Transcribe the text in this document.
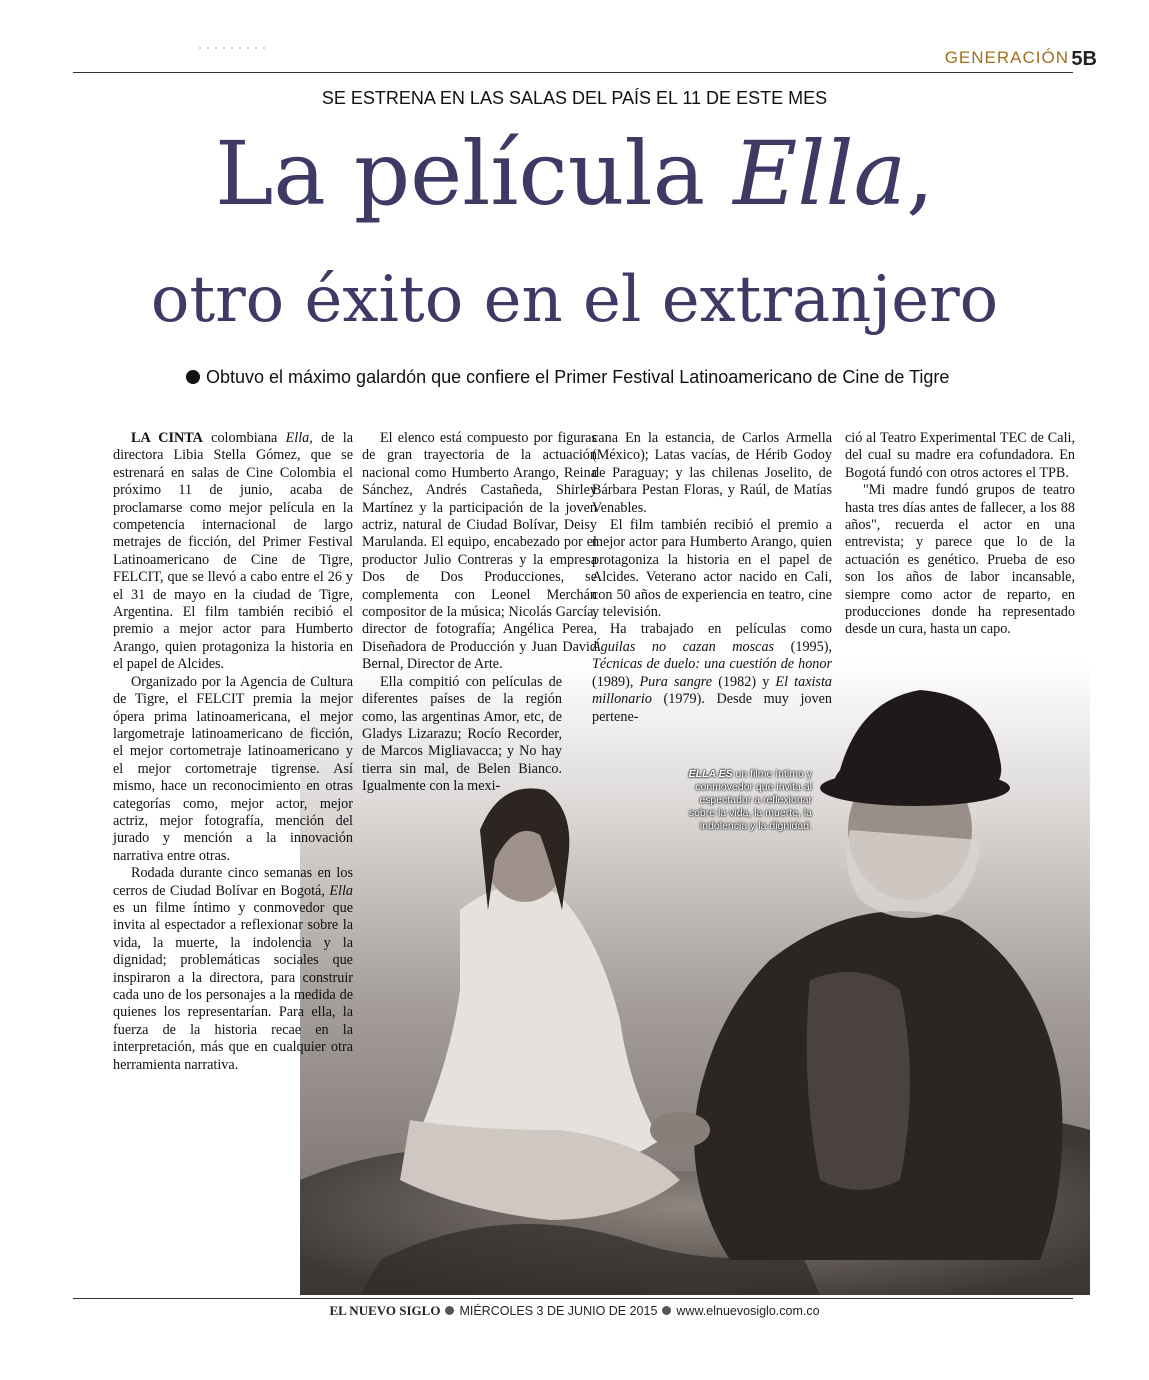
GENERACIÓN 5B
SE ESTRENA EN LAS SALAS DEL PAÍS EL 11 DE ESTE MES
La película Ella,
otro éxito en el extranjero
Obtuvo el máximo galardón que confiere el Primer Festival Latinoamericano de Cine de Tigre

LA CINTA colombiana Ella, de la directora Libia Stella Gómez, que se estrenará en salas de Cine Colombia el próximo 11 de junio, acaba de proclamarse como mejor película en la competencia internacional de largo metrajes de ficción, del Primer Festival Latinoamericano de Cine de Tigre, FELCIT, que se llevó a cabo entre el 26 y el 31 de mayo en la ciudad de Tigre, Argentina. El film también recibió el premio a mejor actor para Humberto Arango, quien protagoniza la historia en el papel de Alcides.

Organizado por la Agencia de Cultura de Tigre, el FELCIT premia la mejor ópera prima latinoamericana, el mejor largometraje latinoamericano de ficción, el mejor cortometraje latinoamericano y el mejor cortometraje tigrense. Así mismo, hace un reconocimiento en otras categorías como, mejor actor, mejor actriz, mejor fotografía, mención del jurado y mención a la innovación narrativa entre otras.

Rodada durante cinco semanas en los cerros de Ciudad Bolívar en Bogotá, Ella es un filme íntimo y conmovedor que invita al espectador a reflexionar sobre la vida, la muerte, la indolencia y la dignidad; problemáticas sociales que inspiraron a la directora, para construir cada uno de los personajes a la medida de quienes los representarían. Para ella, la fuerza de la historia recae en la interpretación, más que en cualquier otra herramienta narrativa.

El elenco está compuesto por figuras de gran trayectoria de la actuación nacional como Humberto Arango, Reina Sánchez, Andrés Castañeda, Shirley Martínez y la participación de la joven actriz, natural de Ciudad Bolívar, Deisy Marulanda. El equipo, encabezado por el productor Julio Contreras y la empresa Dos de Dos Producciones, se complementa con Leonel Merchán compositor de la música; Nicolás García, director de fotografía; Angélica Perea, Diseñadora de Producción y Juan David Bernal, Director de Arte.

Ella compitió con películas de diferentes países de la región como, las argentinas Amor, etc, de Gladys Lizarazu; Rocío Recorder, de Marcos Migliavacca; y No hay tierra sin mal, de Belen Bianco. Igualmente con la mexi-

cana En la estancia, de Carlos Armella (México); Latas vacías, de Hérib Godoy de Paraguay; y las chilenas Joselito, de Bárbara Pestan Floras, y Raúl, de Matías Venables.

El film también recibió el premio a mejor actor para Humberto Arango, quien protagoniza la historia en el papel de Alcides. Veterano actor nacido en Cali, con 50 años de experiencia en teatro, cine y televisión.

Ha trabajado en películas como Águilas no cazan moscas (1995), Técnicas de duelo: una cuestión de honor (1989), Pura sangre (1982) y El taxista millonario (1979). Desde muy joven pertene-

ció al Teatro Experimental TEC de Cali, del cual su madre era cofundadora. En Bogotá fundó con otros actores el TPB.

"Mi madre fundó grupos de teatro hasta tres días antes de fallecer, a los 88 años", recuerda el actor en una entrevista; y parece que lo de la actuación es genético. Prueba de eso son los años de labor incansable, siempre como actor de reparto, en producciones donde ha representado desde un cura, hasta un capo.

ELLA ES un filme íntimo y conmovedor que invita al espectador a reflexionar sobre la vida, la muerte, la indolencia y la dignidad.
EL NUEVO SIGLO MIÉRCOLES 3 DE JUNIO DE 2015 www.elnuevosiglo.com.co
